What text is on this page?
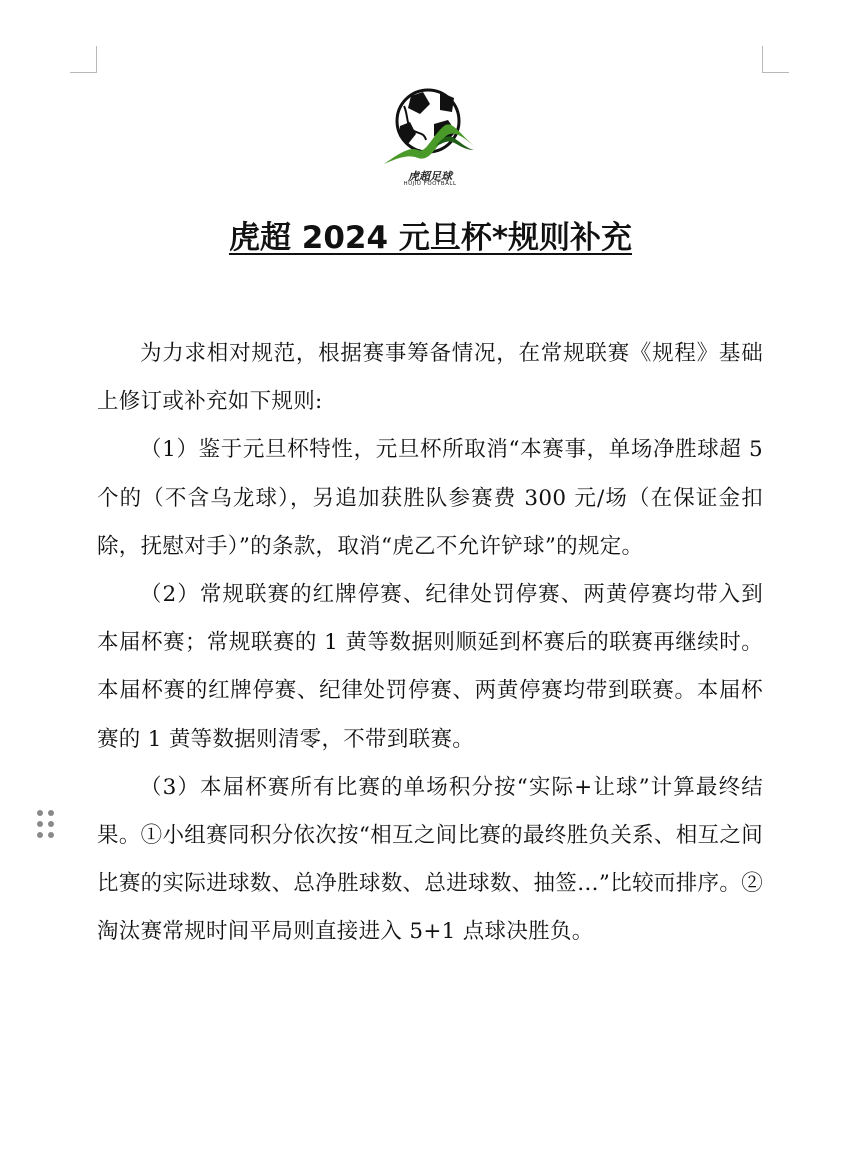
虎超足球
HUJIU FOOTBALL
虎超 2024 元旦杯*规则补充

为力求相对规范，根据赛事筹备情况，在常规联赛《规程》基础上修订或补充如下规则:

（1）鉴于元旦杯特性，元旦杯所取消“本赛事，单场净胜球超 5 个的（不含乌龙球），另追加获胜队参赛费 300 元/场（在保证金扣除，抚慰对手）”的条款，取消“虎乙不允许铲球”的规定。

（2）常规联赛的红牌停赛、纪律处罚停赛、两黄停赛均带入到本届杯赛；常规联赛的 1 黄等数据则顺延到杯赛后的联赛再继续时。本届杯赛的红牌停赛、纪律处罚停赛、两黄停赛均带到联赛。本届杯赛的 1 黄等数据则清零，不带到联赛。

（3）本届杯赛所有比赛的单场积分按“实际+让球”计算最终结果。①小组赛同积分依次按“相互之间比赛的最终胜负关系、相互之间比赛的实际进球数、总净胜球数、总进球数、抽签…”比较而排序。②淘汰赛常规时间平局则直接进入 5+1 点球决胜负。
